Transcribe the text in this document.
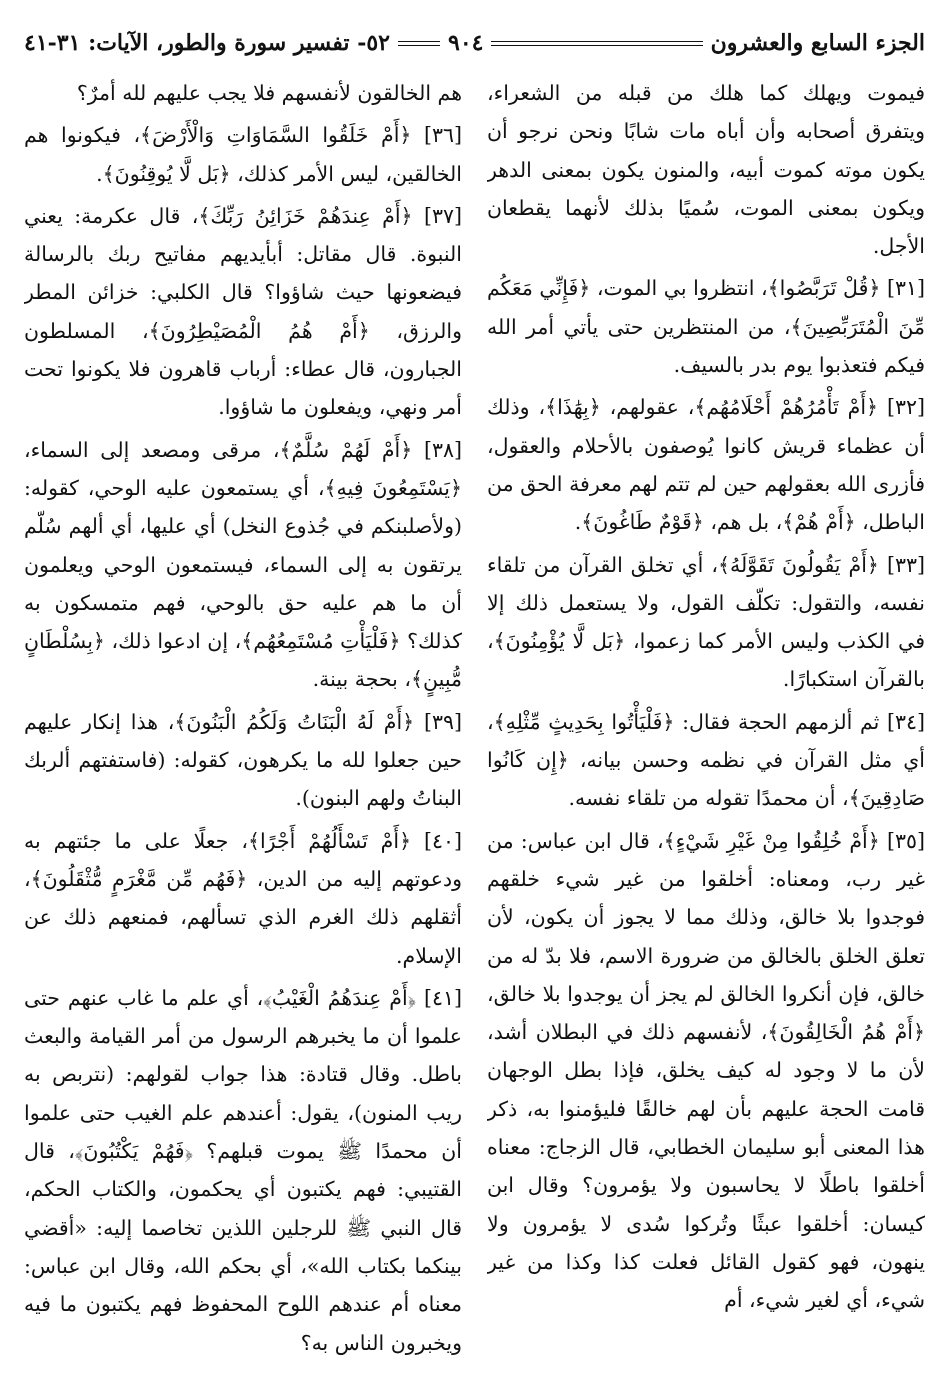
الجزء السابع والعشرون
٩٠٤
٥٢- تفسير سورة والطور، الآيات: ٣١-٤١

فيموت ويهلك كما هلك من قبله من الشعراء، ويتفرق أصحابه وأن أباه مات شابًا ونحن نرجو أن يكون موته كموت أبيه، والمنون يكون بمعنى الدهر ويكون بمعنى الموت، سُميًا بذلك لأنهما يقطعان الأجل.

[٣١] ﴿قُلْ تَرَبَّصُوا﴾، انتظروا بي الموت، ﴿فَإِنِّي مَعَكُم مِّنَ الْمُتَرَبِّصِينَ﴾، من المنتظرين حتى يأتي أمر الله فيكم فتعذبوا يوم بدر بالسيف.

[٣٢] ﴿أَمْ تَأْمُرُهُمْ أَحْلَامُهُم﴾، عقولهم، ﴿بِهَٰذَا﴾، وذلك أن عظماء قريش كانوا يُوصفون بالأحلام والعقول، فأزرى الله بعقولهم حين لم تتم لهم معرفة الحق من الباطل، ﴿أَمْ هُمْ﴾، بل هم، ﴿قَوْمٌ طَاغُونَ﴾.

[٣٣] ﴿أَمْ يَقُولُونَ تَقَوَّلَهُ﴾، أي تخلق القرآن من تلقاء نفسه، والتقول: تكلّف القول، ولا يستعمل ذلك إلا في الكذب وليس الأمر كما زعموا، ﴿بَل لَّا يُؤْمِنُونَ﴾، بالقرآن استكبارًا.

[٣٤] ثم ألزمهم الحجة فقال: ﴿فَلْيَأْتُوا بِحَدِيثٍ مِّثْلِهِ﴾، أي مثل القرآن في نظمه وحسن بيانه، ﴿إِن كَانُوا صَادِقِينَ﴾، أن محمدًا تقوله من تلقاء نفسه.

[٣٥] ﴿أَمْ خُلِقُوا مِنْ غَيْرِ شَيْءٍ﴾، قال ابن عباس: من غير رب، ومعناه: أخلقوا من غير شيء خلقهم فوجدوا بلا خالق، وذلك مما لا يجوز أن يكون، لأن تعلق الخلق بالخالق من ضرورة الاسم، فلا بدّ له من خالق، فإن أنكروا الخالق لم يجز أن يوجدوا بلا خالق، ﴿أَمْ هُمُ الْخَالِقُونَ﴾، لأنفسهم ذلك في البطلان أشد، لأن ما لا وجود له كيف يخلق، فإذا بطل الوجهان قامت الحجة عليهم بأن لهم خالقًا فليؤمنوا به، ذكر هذا المعنى أبو سليمان الخطابي، قال الزجاج: معناه أخلقوا باطلًا لا يحاسبون ولا يؤمرون؟ وقال ابن كيسان: أخلقوا عبثًا وتُركوا سُدى لا يؤمرون ولا ينهون، فهو كقول القائل فعلت كذا وكذا من غير شيء، أي لغير شيء، أم

هم الخالقون لأنفسهم فلا يجب عليهم لله أمرٌ؟

[٣٦] ﴿أَمْ خَلَقُوا السَّمَاوَاتِ وَالْأَرْضَ﴾، فيكونوا هم الخالقين، ليس الأمر كذلك، ﴿بَل لَّا يُوقِنُونَ﴾.

[٣٧] ﴿أَمْ عِندَهُمْ خَزَائِنُ رَبِّكَ﴾، قال عكرمة: يعني النبوة. قال مقاتل: أبأيديهم مفاتيح ربك بالرسالة فيضعونها حيث شاؤوا؟ قال الكلبي: خزائن المطر والرزق، ﴿أَمْ هُمُ الْمُصَيْطِرُونَ﴾، المسلطون الجبارون، قال عطاء: أرباب قاهرون فلا يكونوا تحت أمر ونهي، ويفعلون ما شاؤوا.

[٣٨] ﴿أَمْ لَهُمْ سُلَّمٌ﴾، مرقى ومصعد إلى السماء، ﴿يَسْتَمِعُونَ فِيهِ﴾، أي يستمعون عليه الوحي، كقوله: (ولأصلبنكم في جُذوع النخل) أي عليها، أي ألهم سُلّم يرتقون به إلى السماء، فيستمعون الوحي ويعلمون أن ما هم عليه حق بالوحي، فهم متمسكون به كذلك؟ ﴿فَلْيَأْتِ مُسْتَمِعُهُم﴾، إن ادعوا ذلك، ﴿بِسُلْطَانٍ مُّبِينٍ﴾، بحجة بينة.

[٣٩] ﴿أَمْ لَهُ الْبَنَاتُ وَلَكُمُ الْبَنُونَ﴾، هذا إنكار عليهم حين جعلوا لله ما يكرهون، كقوله: (فاستفتهم ألربك البناتُ ولهم البنون).

[٤٠] ﴿أَمْ تَسْأَلُهُمْ أَجْرًا﴾، جعلًا على ما جئتهم به ودعوتهم إليه من الدين، ﴿فَهُم مِّن مَّغْرَمٍ مُّثْقَلُونَ﴾، أثقلهم ذلك الغرم الذي تسألهم، فمنعهم ذلك عن الإسلام.

[٤١] ﴿أَمْ عِندَهُمُ الْغَيْبُ﴾، أي علم ما غاب عنهم حتى علموا أن ما يخبرهم الرسول من أمر القيامة والبعث باطل. وقال قتادة: هذا جواب لقولهم: (نتربص به ريب المنون)، يقول: أعندهم علم الغيب حتى علموا أن محمدًا ﷺ يموت قبلهم؟ ﴿فَهُمْ يَكْتُبُونَ﴾، قال القتيبي: فهم يكتبون أي يحكمون، والكتاب الحكم، قال النبي ﷺ للرجلين اللذين تخاصما إليه: «أقضي بينكما بكتاب الله»، أي بحكم الله، وقال ابن عباس: معناه أم عندهم اللوح المحفوظ فهم يكتبون ما فيه ويخبرون الناس به؟
